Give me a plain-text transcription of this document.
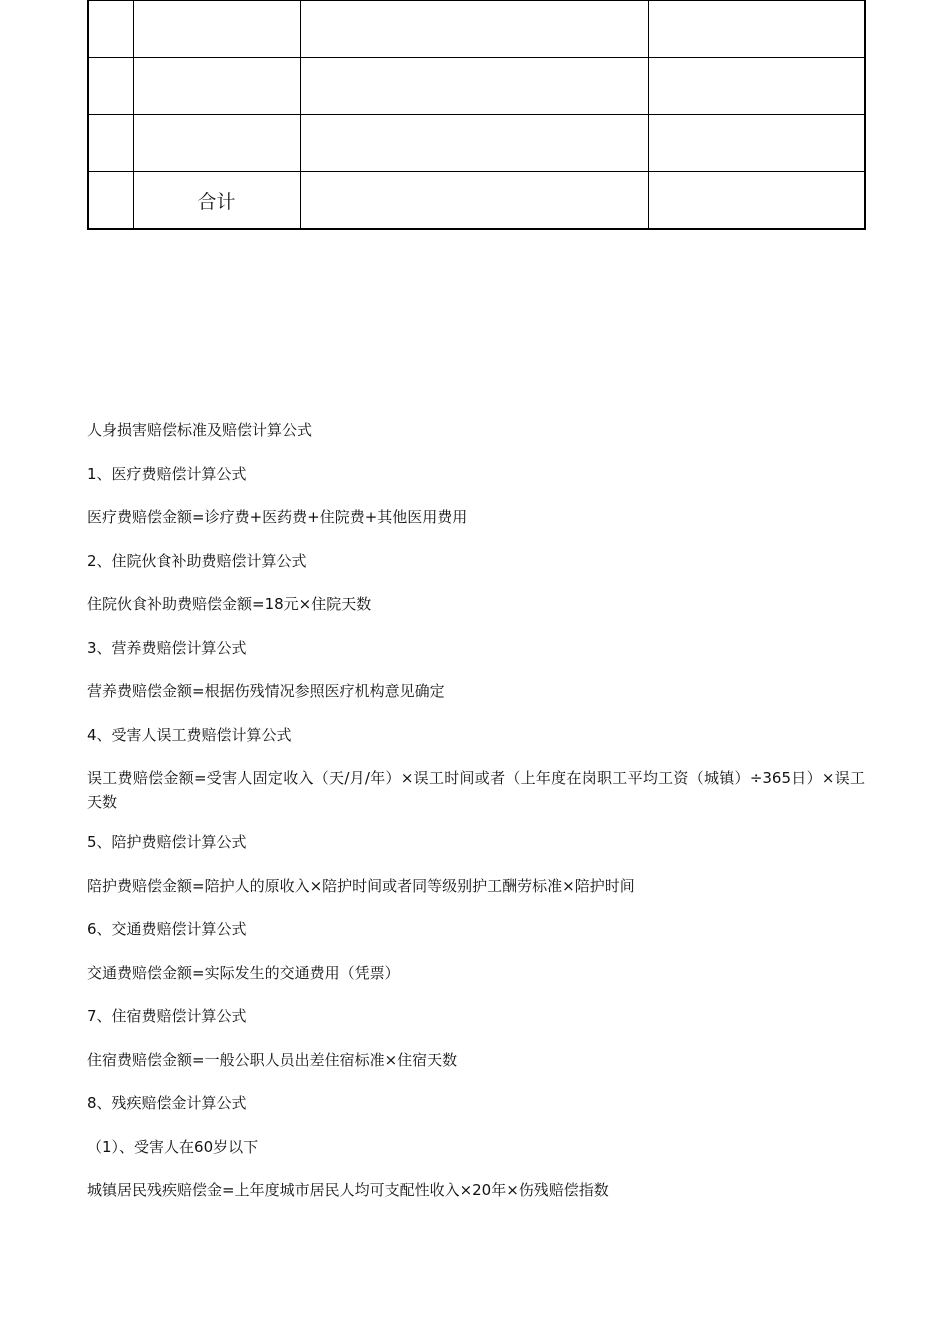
	合计		

人身损害赔偿标准及赔偿计算公式

1、医疗费赔偿计算公式

医疗费赔偿金额=诊疗费+医药费+住院费+其他医用费用

2、住院伙食补助费赔偿计算公式

住院伙食补助费赔偿金额=18元×住院天数

3、营养费赔偿计算公式

营养费赔偿金额=根据伤残情况参照医疗机构意见确定

4、受害人误工费赔偿计算公式

误工费赔偿金额=受害人固定收入（天/月/年）×误工时间或者（上年度在岗职工平均工资（城镇）÷365日）×误工天数

5、陪护费赔偿计算公式

陪护费赔偿金额=陪护人的原收入×陪护时间或者同等级别护工酬劳标准×陪护时间

6、交通费赔偿计算公式

交通费赔偿金额=实际发生的交通费用（凭票）

7、住宿费赔偿计算公式

住宿费赔偿金额=一般公职人员出差住宿标准×住宿天数

8、残疾赔偿金计算公式

（1）、受害人在60岁以下

城镇居民残疾赔偿金=上年度城市居民人均可支配性收入×20年×伤残赔偿指数
